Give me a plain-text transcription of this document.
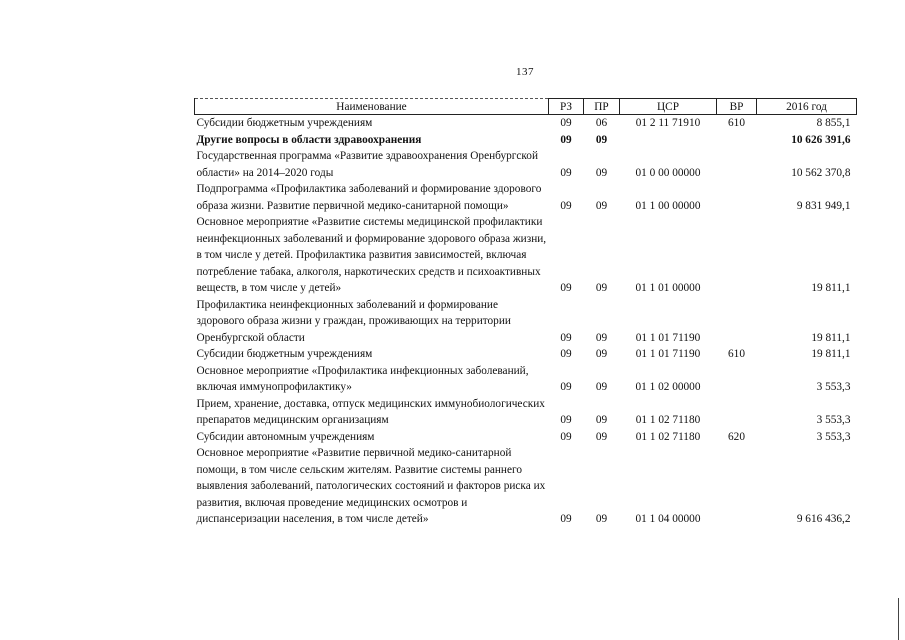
137
Наименование	РЗ	ПР	ЦСР	ВР	2016 год
Субсидии бюджетным учреждениям	09	06	01 2 11 71910	610	8 855,1
Другие вопросы в области здравоохранения	09	09			10 626 391,6
Государственная программа «Развитие здравоохранения Оренбургской области» на 2014–2020 годы	09	09	01 0 00 00000		10 562 370,8
Подпрограмма «Профилактика заболеваний и формирование здорового образа жизни. Развитие первичной медико-санитарной помощи»	09	09	01 1 00 00000		9 831 949,1
Основное мероприятие «Развитие системы медицинской профилактики неинфекционных заболеваний и формирование здорового образа жизни, в том числе у детей. Профилактика развития зависимостей, включая потребление табака, алкоголя, наркотических средств и психоактивных веществ, в том числе у детей»	09	09	01 1 01 00000		19 811,1
Профилактика неинфекционных заболеваний и формирование здорового образа жизни у граждан, проживающих на территории Оренбургской области	09	09	01 1 01 71190		19 811,1
Субсидии бюджетным учреждениям	09	09	01 1 01 71190	610	19 811,1
Основное мероприятие «Профилактика инфекционных заболеваний, включая иммунопрофилактику»	09	09	01 1 02 00000		3 553,3
Прием, хранение, доставка, отпуск медицинских иммунобиологических препаратов медицинским организациям	09	09	01 1 02 71180		3 553,3
Субсидии автономным учреждениям	09	09	01 1 02 71180	620	3 553,3
Основное мероприятие «Развитие первичной медико-санитарной помощи, в том числе сельским жителям. Развитие системы раннего выявления заболеваний, патологических состояний и факторов риска их развития, включая проведение медицинских осмотров и диспансеризации населения, в том числе детей»	09	09	01 1 04 00000		9 616 436,2
